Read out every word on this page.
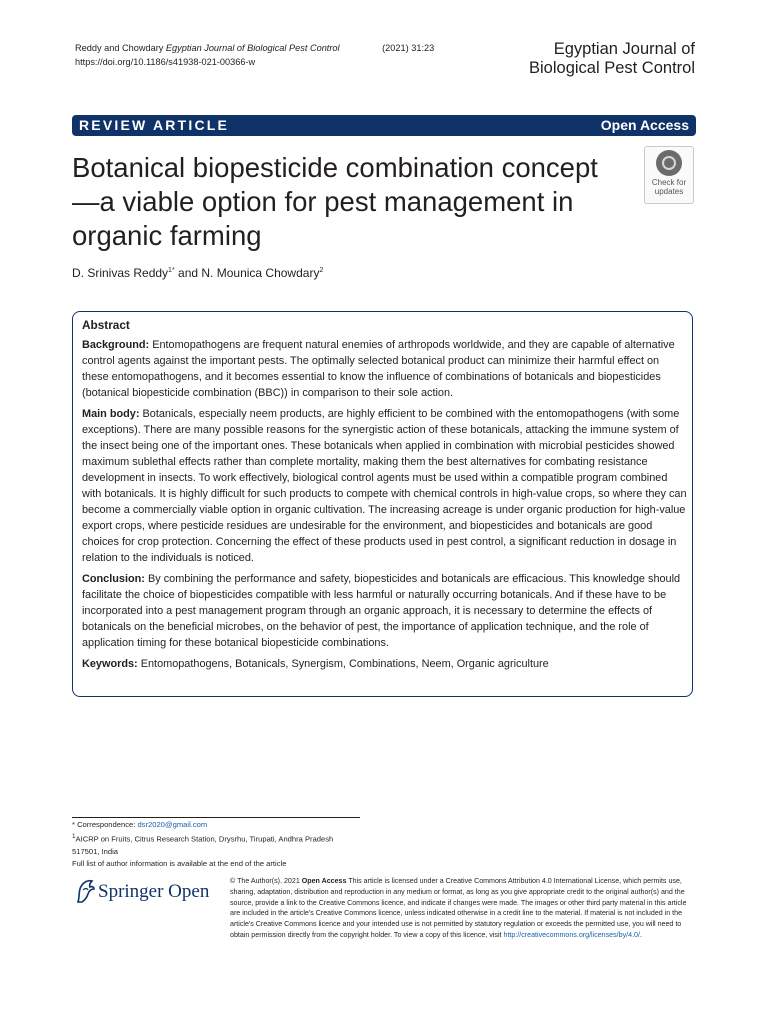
Reddy and Chowdary Egyptian Journal of Biological Pest Control	(2021) 31:23
https://doi.org/10.1186/s41938-021-00366-w
Egyptian Journal of
Biological Pest Control
REVIEW ARTICLE	Open Access
Botanical biopesticide combination concept—a viable option for pest management in organic farming
Check for
updates
D. Srinivas Reddy$^{1*}$ and N. Mounica Chowdary$^2$
Abstract

Background: Entomopathogens are frequent natural enemies of arthropods worldwide, and they are capable of alternative control agents against the important pests. The optimally selected botanical product can minimize their harmful effect on these entomopathogens, and it becomes essential to know the influence of combinations of botanicals and biopesticides (botanical biopesticide combination (BBC)) in comparison to their sole action.

Main body: Botanicals, especially neem products, are highly efficient to be combined with the entomopathogens (with some exceptions). There are many possible reasons for the synergistic action of these botanicals, attacking the immune system of the insect being one of the important ones. These botanicals when applied in combination with microbial pesticides showed maximum sublethal effects rather than complete mortality, making them the best alternatives for combating resistance development in insects. To work effectively, biological control agents must be used within a compatible program combined with botanicals. It is highly difficult for such products to compete with chemical controls in high-value crops, so where they can become a commercially viable option in organic cultivation. The increasing acreage is under organic production for high-value export crops, where pesticide residues are undesirable for the environment, and biopesticides and botanicals are good choices for crop protection. Concerning the effect of these products used in pest control, a significant reduction in dosage in relation to the individuals is noticed.

Conclusion: By combining the performance and safety, biopesticides and botanicals are efficacious. This knowledge should facilitate the choice of biopesticides compatible with less harmful or naturally occurring botanicals. And if these have to be incorporated into a pest management program through an organic approach, it is necessary to determine the effects of botanicals on the beneficial microbes, on the behavior of pest, the importance of application technique, and the role of application timing for these botanical biopesticide combinations.

Keywords: Entomopathogens, Botanicals, Synergism, Combinations, Neem, Organic agriculture

* Correspondence: dsr2020@gmail.com
$^1$AICRP on Fruits, Citrus Research Station, Drysrhu, Tirupati, Andhra Pradesh
517501, India
Full list of author information is available at the end of the article
Springer Open	© The Author(s). 2021 Open Access This article is licensed under a Creative Commons Attribution 4.0 International License, which permits use, sharing, adaptation, distribution and reproduction in any medium or format, as long as you give appropriate credit to the original author(s) and the source, provide a link to the Creative Commons licence, and indicate if changes were made. The images or other third party material in this article are included in the article's Creative Commons licence, unless indicated otherwise in a credit line to the material. If material is not included in the article's Creative Commons licence and your intended use is not permitted by statutory regulation or exceeds the permitted use, you will need to obtain permission directly from the copyright holder. To view a copy of this licence, visit http://creativecommons.org/licenses/by/4.0/.
